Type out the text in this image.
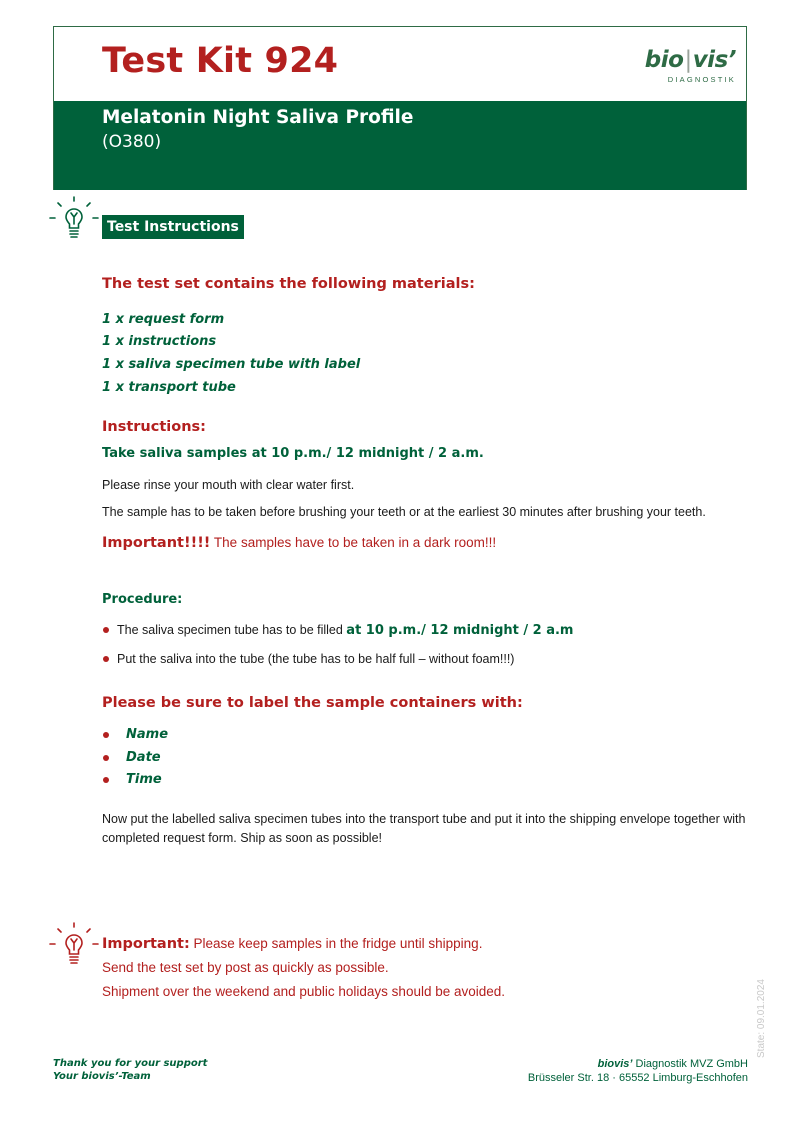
Test Kit 924	bio|vis’
DIAGNOSTIK
Melatonin Night Saliva Profile
(O380)
Test Instructions
The test set contains the following materials:
1 x request form
1 x instructions
1 x saliva specimen tube with label
1 x transport tube
Instructions:
Take saliva samples at 10 p.m./ 12 midnight / 2 a.m.
Please rinse your mouth with clear water first.
The sample has to be taken before brushing your teeth or at the earliest 30 minutes after brushing your teeth.
Important!!!! The samples have to be taken in a dark room!!!
Procedure:
The saliva specimen tube has to be filled at 10 p.m./ 12 midnight / 2 a.m
Put the saliva into the tube (the tube has to be half full – without foam!!!)
Please be sure to label the sample containers with:
Name
Date
Time
Now put the labelled saliva specimen tubes into the transport tube and put it into the shipping envelope together with
completed request form. Ship as soon as possible!
Important: Please keep samples in the fridge until shipping.
Send the test set by post as quickly as possible.
Shipment over the weekend and public holidays should be avoided.
Thank you for your support
Your biovis’-Team
biovis’ Diagnostik MVZ GmbH
Brüsseler Str. 18 · 65552 Limburg-Eschhofen
State: 09.01.2024
